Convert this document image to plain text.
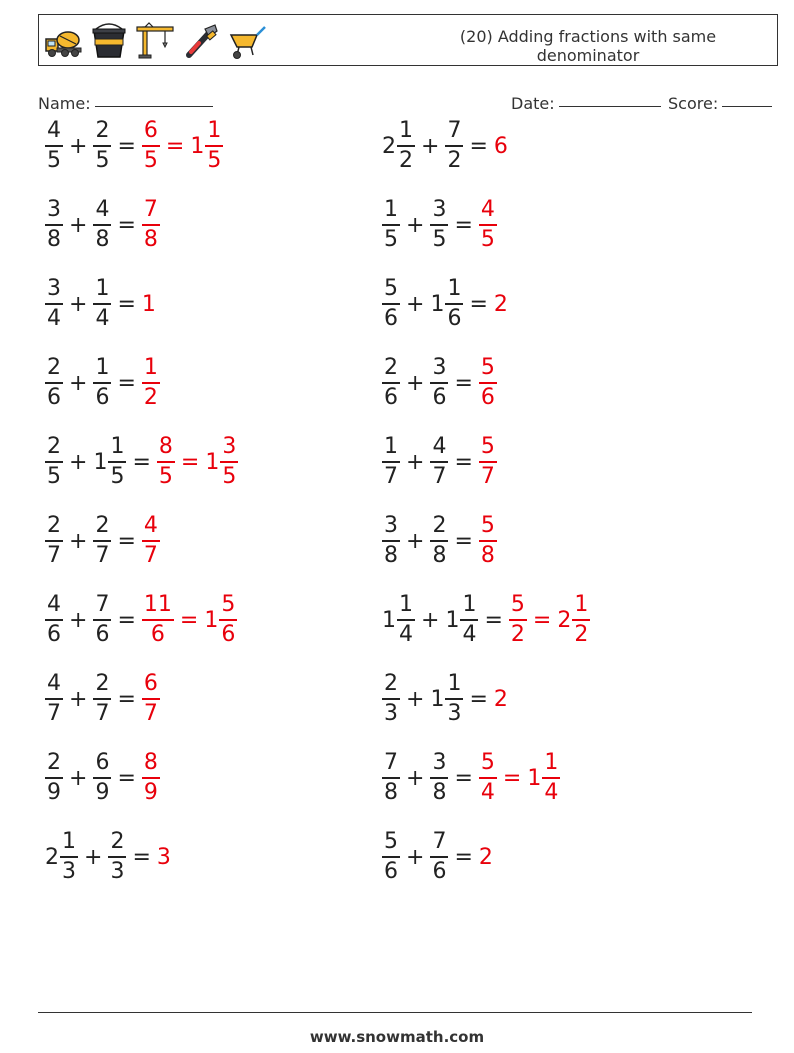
(20) Adding fractions with same denominator
Name:	Date:	Score:
$\frac{4}{5} + \frac{2}{5} = \frac{6}{5} = 1 \frac{1}{5}$	$2 \frac{1}{2} + \frac{7}{2} = 6$
$\frac{3}{8} + \frac{4}{8} = \frac{7}{8}$	$\frac{1}{5} + \frac{3}{5} = \frac{4}{5}$
$\frac{3}{4} + \frac{1}{4} = 1$	$\frac{5}{6} + 1 \frac{1}{6} = 2$
$\frac{2}{6} + \frac{1}{6} = \frac{1}{2}$	$\frac{2}{6} + \frac{3}{6} = \frac{5}{6}$
$\frac{2}{5} + 1 \frac{1}{5} = \frac{8}{5} = 1 \frac{3}{5}$	$\frac{1}{7} + \frac{4}{7} = \frac{5}{7}$
$\frac{2}{7} + \frac{2}{7} = \frac{4}{7}$	$\frac{3}{8} + \frac{2}{8} = \frac{5}{8}$
$\frac{4}{6} + \frac{7}{6} = \frac{11}{6} = 1 \frac{5}{6}$	$1 \frac{1}{4} + 1 \frac{1}{4} = \frac{5}{2} = 2 \frac{1}{2}$
$\frac{4}{7} + \frac{2}{7} = \frac{6}{7}$	$\frac{2}{3} + 1 \frac{1}{3} = 2$
$\frac{2}{9} + \frac{6}{9} = \frac{8}{9}$	$\frac{7}{8} + \frac{3}{8} = \frac{5}{4} = 1 \frac{1}{4}$
$2 \frac{1}{3} + \frac{2}{3} = 3$	$\frac{5}{6} + \frac{7}{6} = 2$
www.snowmath.com
